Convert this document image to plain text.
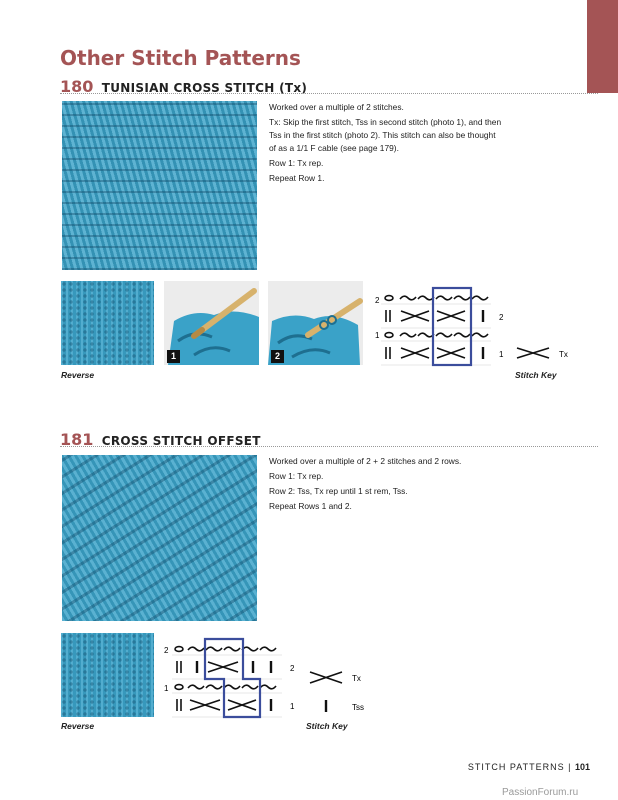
Other Stitch Patterns
180 TUNISIAN CROSS STITCH (Tx)

Worked over a multiple of 2 stitches.

Tx: Skip the first stitch, Tss in second stitch (photo 1), and then Tss in the first stitch (photo 2). This stitch can also be thought of as a 1/1 F cable (see page 179).

Row 1: Tx rep.

Repeat Row 1.

Reverse
1	2
2
1
2
1	Tx
Stitch Key
181 CROSS STITCH OFFSET

Worked over a multiple of 2 + 2 stitches and 2 rows.

Row 1: Tx rep.

Row 2: Tss, Tx rep until 1 st rem, Tss.

Repeat Rows 1 and 2.

Reverse
2
1
2
1
Tx
Tss
Stitch Key
STITCH PATTERNS | 101
PassionForum.ru
